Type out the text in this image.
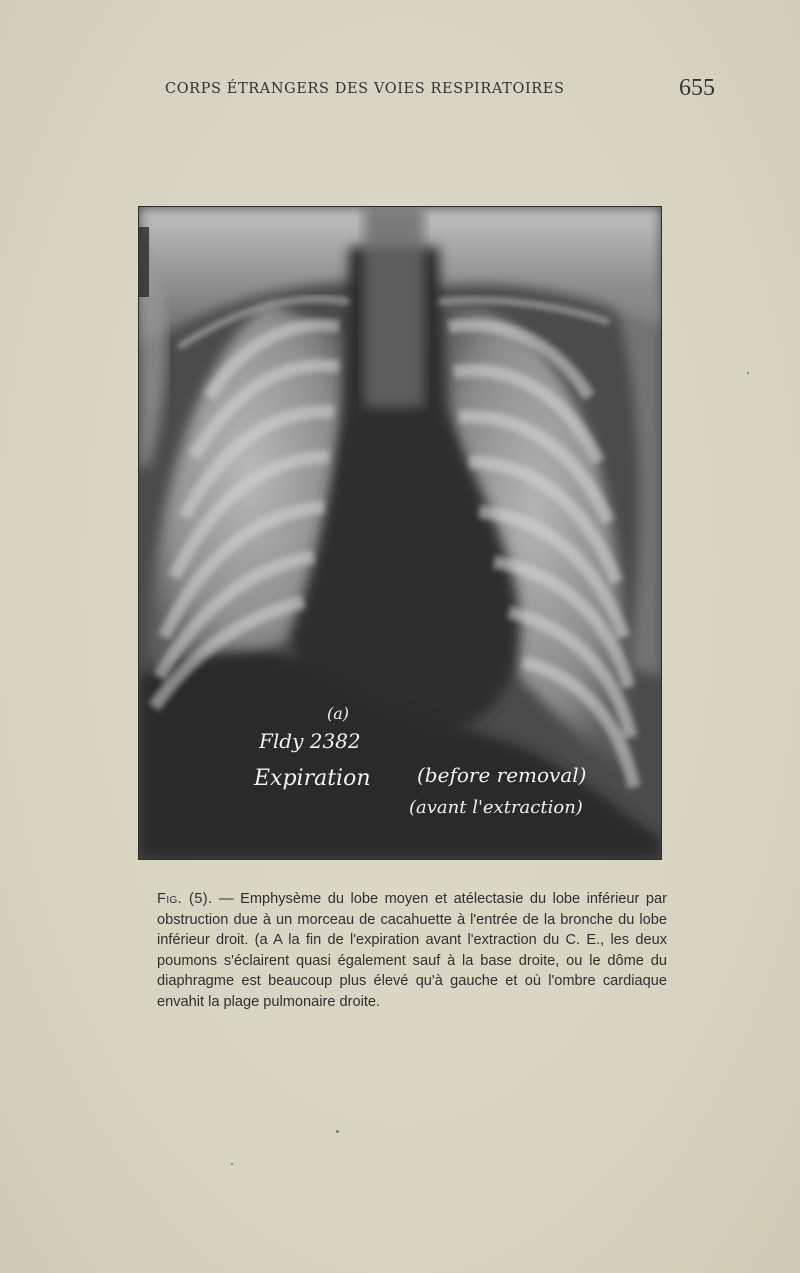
CORPS ÉTRANGERS DES VOIES RESPIRATOIRES	655
(a)
Fldy 2382
Expiration (before removal)
(avant l'extraction)
Fig. (5). — Emphysème du lobe moyen et atélectasie du lobe inférieur par obstruction due à un morceau de cacahuette à l'entrée de la bronche du lobe inférieur droit. (a A la fin de l'expiration avant l'extraction du C. E., les deux poumons s'éclairent quasi également sauf à la base droite, ou le dôme du diaphragme est beaucoup plus élevé qu'à gauche et où l'ombre cardiaque envahit la plage pulmonaire droite.
